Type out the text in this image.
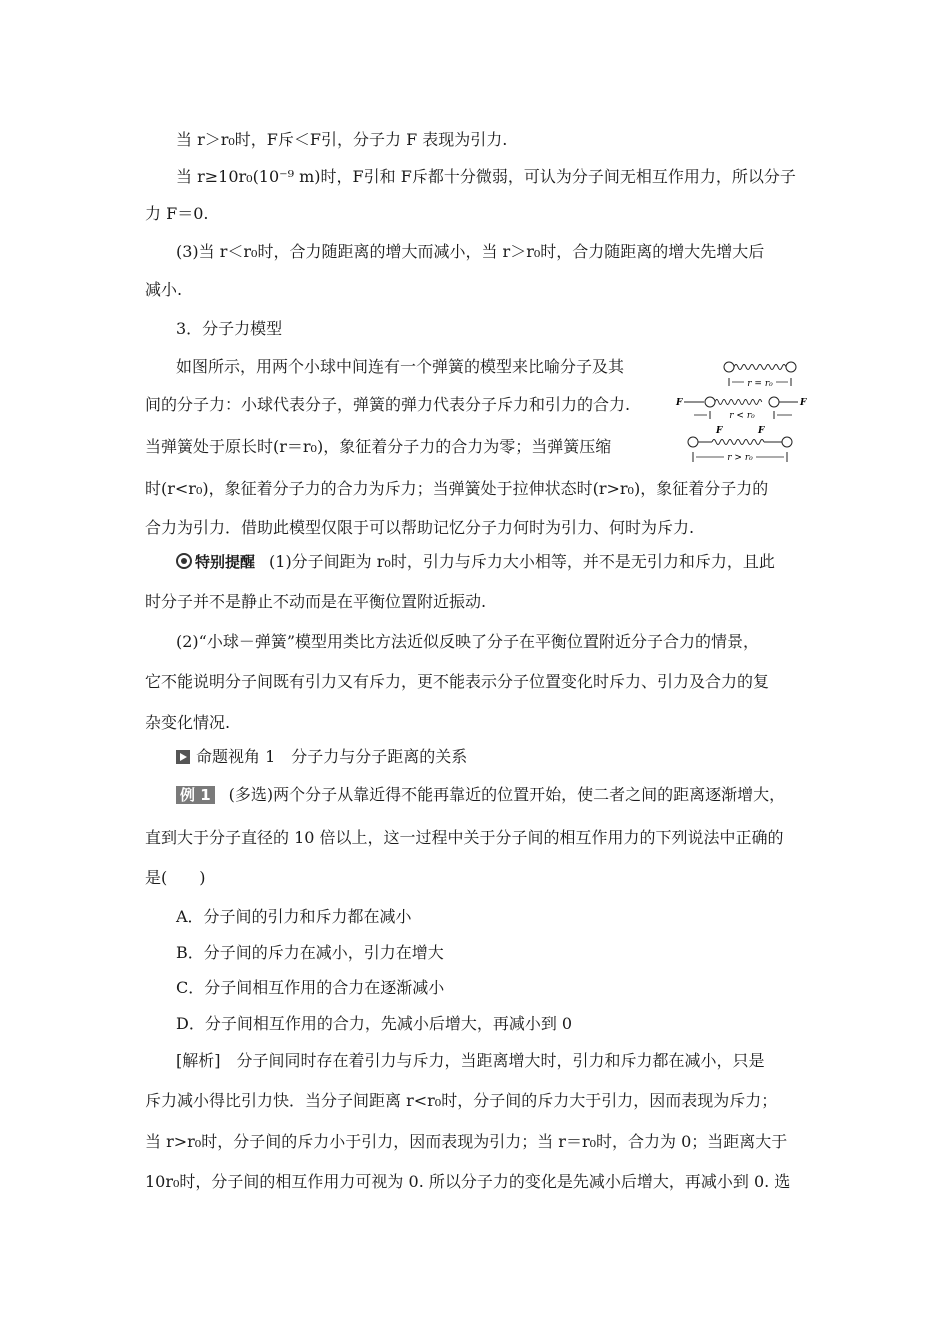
当 r＞r₀时，F斥＜F引，分子力 F 表现为引力.
当 r≥10r₀(10⁻⁹ m)时，F引和 F斥都十分微弱，可认为分子间无相互作用力，所以分子
力 F＝0.
(3)当 r＜r₀时，合力随距离的增大而减小，当 r＞r₀时，合力随距离的增大先增大后
减小.
3．分子力模型
如图所示，用两个小球中间连有一个弹簧的模型来比喻分子及其
间的分子力：小球代表分子，弹簧的弹力代表分子斥力和引力的合力.
当弹簧处于原长时(r＝r₀)，象征着分子力的合力为零；当弹簧压缩
时(r<r₀)，象征着分子力的合力为斥力；当弹簧处于拉伸状态时(r>r₀)，象征着分子力的
合力为引力．借助此模型仅限于可以帮助记忆分子力何时为引力、何时为斥力.
特别提醒 (1)分子间距为 r₀时，引力与斥力大小相等，并不是无引力和斥力，且此
时分子并不是静止不动而是在平衡位置附近振动.
(2)“小球－弹簧”模型用类比方法近似反映了分子在平衡位置附近分子合力的情景，
它不能说明分子间既有引力又有斥力，更不能表示分子位置变化时斥力、引力及合力的复
杂变化情况.
命题视角 1　分子力与分子距离的关系
例 1 (多选)两个分子从靠近得不能再靠近的位置开始，使二者之间的距离逐渐增大，
直到大于分子直径的 10 倍以上，这一过程中关于分子间的相互作用力的下列说法中正确的
是(　　)
A．分子间的引力和斥力都在减小
B．分子间的斥力在减小，引力在增大
C．分子间相互作用的合力在逐渐减小
D．分子间相互作用的合力，先减小后增大，再减小到 0
[解析]　分子间同时存在着引力与斥力，当距离增大时，引力和斥力都在减小，只是
斥力减小得比引力快．当分子间距离 r<r₀时，分子间的斥力大于引力，因而表现为斥力；
当 r>r₀时，分子间的斥力小于引力，因而表现为引力；当 r＝r₀时，合力为 0；当距离大于
10r₀时，分子间的相互作用力可视为 0. 所以分子力的变化是先减小后增大，再减小到 0. 选
r = r₀
F	F
r < r₀
F	F
r > r₀
